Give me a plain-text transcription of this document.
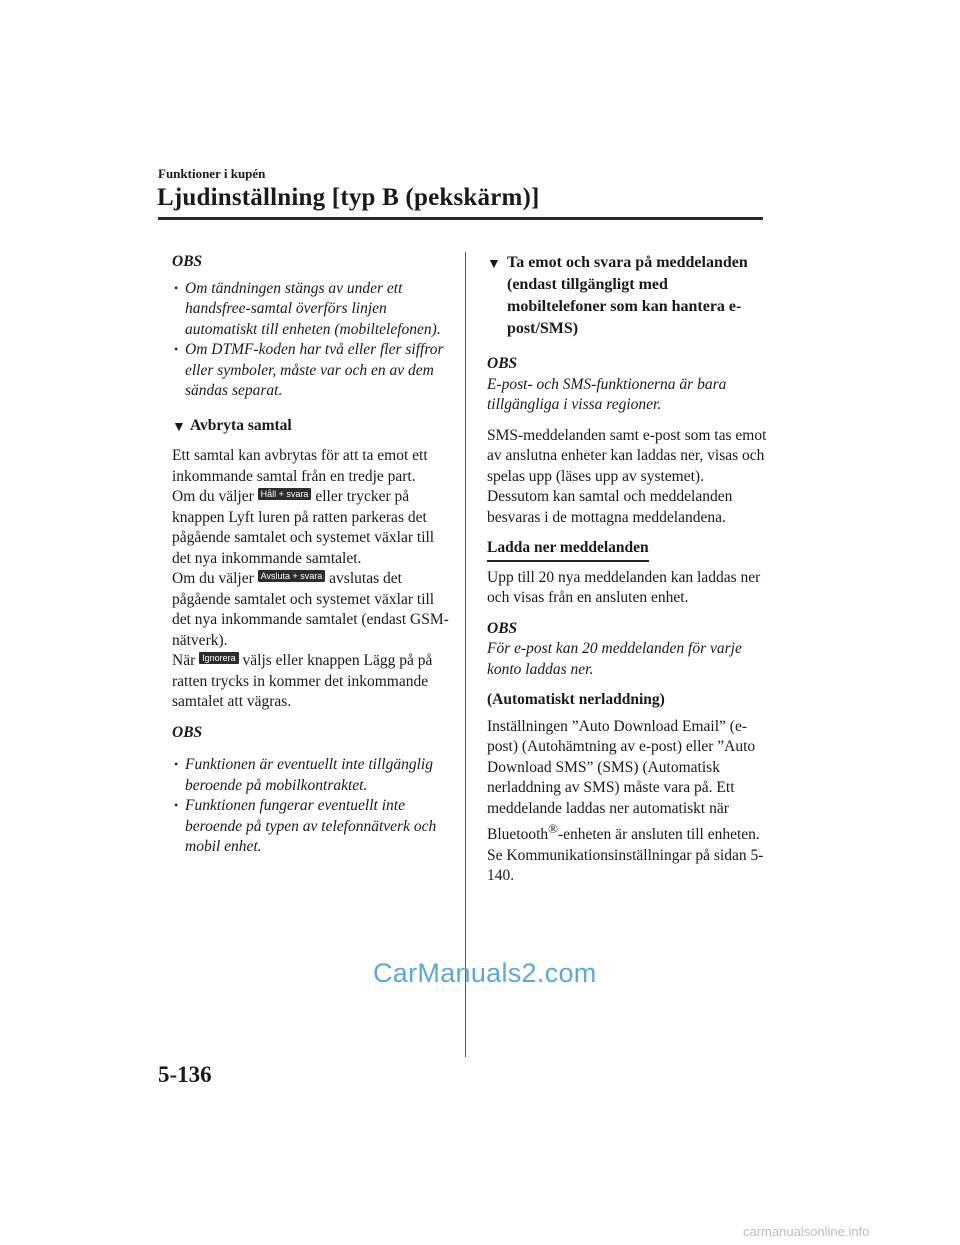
Funktioner i kupén
Ljudinställning [typ B (pekskärm)]

OBS

• Om tändningen stängs av under ett handsfree-samtal överförs linjen automatiskt till enheten (mobiltelefonen).
• Om DTMF-koden har två eller fler siffror eller symboler, måste var och en av dem sändas separat.

▼ Avbryta samtal

Ett samtal kan avbrytas för att ta emot ett inkommande samtal från en tredje part.

Om du väljer Håll + svara eller trycker på knappen Lyft luren på ratten parkeras det pågående samtalet och systemet växlar till det nya inkommande samtalet.

Om du väljer Avsluta + svara avslutas det pågående samtalet och systemet växlar till det nya inkommande samtalet (endast GSM-nätverk).

När Ignorera väljs eller knappen Lägg på på ratten trycks in kommer det inkommande samtalet att vägras.

OBS

• Funktionen är eventuellt inte tillgänglig beroende på mobilkontraktet.
• Funktionen fungerar eventuellt inte beroende på typen av telefonnätverk och mobil enhet.

▼ Ta emot och svara på meddelanden (endast tillgängligt med mobiltelefoner som kan hantera e-post/SMS)

OBS

E-post- och SMS-funktionerna är bara tillgängliga i vissa regioner.

SMS-meddelanden samt e-post som tas emot av anslutna enheter kan laddas ner, visas och spelas upp (läses upp av systemet).

Dessutom kan samtal och meddelanden besvaras i de mottagna meddelandena.

Ladda ner meddelanden

Upp till 20 nya meddelanden kan laddas ner och visas från en ansluten enhet.

OBS

För e-post kan 20 meddelanden för varje konto laddas ner.

(Automatiskt nerladdning)

Inställningen ”Auto Download Email” (e-post) (Autohämtning av e-post) eller ”Auto Download SMS” (SMS) (Automatisk nerladdning av SMS) måste vara på. Ett meddelande laddas ner automatiskt när Bluetooth®-enheten är ansluten till enheten.

Se Kommunikationsinställningar på sidan 5-140.

CarManuals2.com
5-136
carmanualsonline.info
